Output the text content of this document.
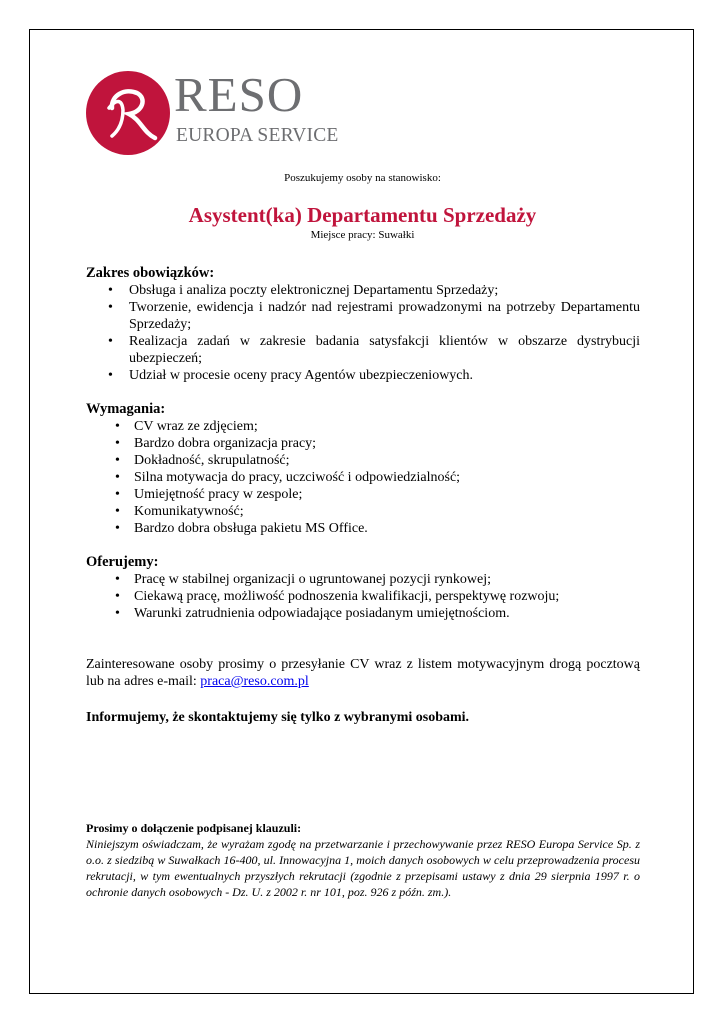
RESO
EUROPA SERVICE
Poszukujemy osoby na stanowisko:
Asystent(ka) Departamentu Sprzedaży
Miejsce pracy: Suwałki
Zakres obowiązków:
• Obsługa i analiza poczty elektronicznej Departamentu Sprzedaży;
• Tworzenie, ewidencja i nadzór nad rejestrami prowadzonymi na potrzeby Departamentu Sprzedaży;
• Realizacja zadań w zakresie badania satysfakcji klientów w obszarze dystrybucji ubezpieczeń;
• Udział w procesie oceny pracy Agentów ubezpieczeniowych.
Wymagania:
• CV wraz ze zdjęciem;
• Bardzo dobra organizacja pracy;
• Dokładność, skrupulatność;
• Silna motywacja do pracy, uczciwość i odpowiedzialność;
• Umiejętność pracy w zespole;
• Komunikatywność;
• Bardzo dobra obsługa pakietu MS Office.
Oferujemy:
• Pracę w stabilnej organizacji o ugruntowanej pozycji rynkowej;
• Ciekawą pracę, możliwość podnoszenia kwalifikacji, perspektywę rozwoju;
• Warunki zatrudnienia odpowiadające posiadanym umiejętnościom.
Zainteresowane osoby prosimy o przesyłanie CV wraz z listem motywacyjnym drogą pocztową lub na adres e-mail: praca@reso.com.pl
Informujemy, że skontaktujemy się tylko z wybranymi osobami.
Prosimy o dołączenie podpisanej klauzuli:
Niniejszym oświadczam, że wyrażam zgodę na przetwarzanie i przechowywanie przez RESO Europa Service Sp. z o.o. z siedzibą w Suwałkach 16-400, ul. Innowacyjna 1, moich danych osobowych w celu przeprowadzenia procesu rekrutacji, w tym ewentualnych przyszłych rekrutacji (zgodnie z przepisami ustawy z dnia 29 sierpnia 1997 r. o ochronie danych osobowych - Dz. U. z 2002 r. nr 101, poz. 926 z późn. zm.).
